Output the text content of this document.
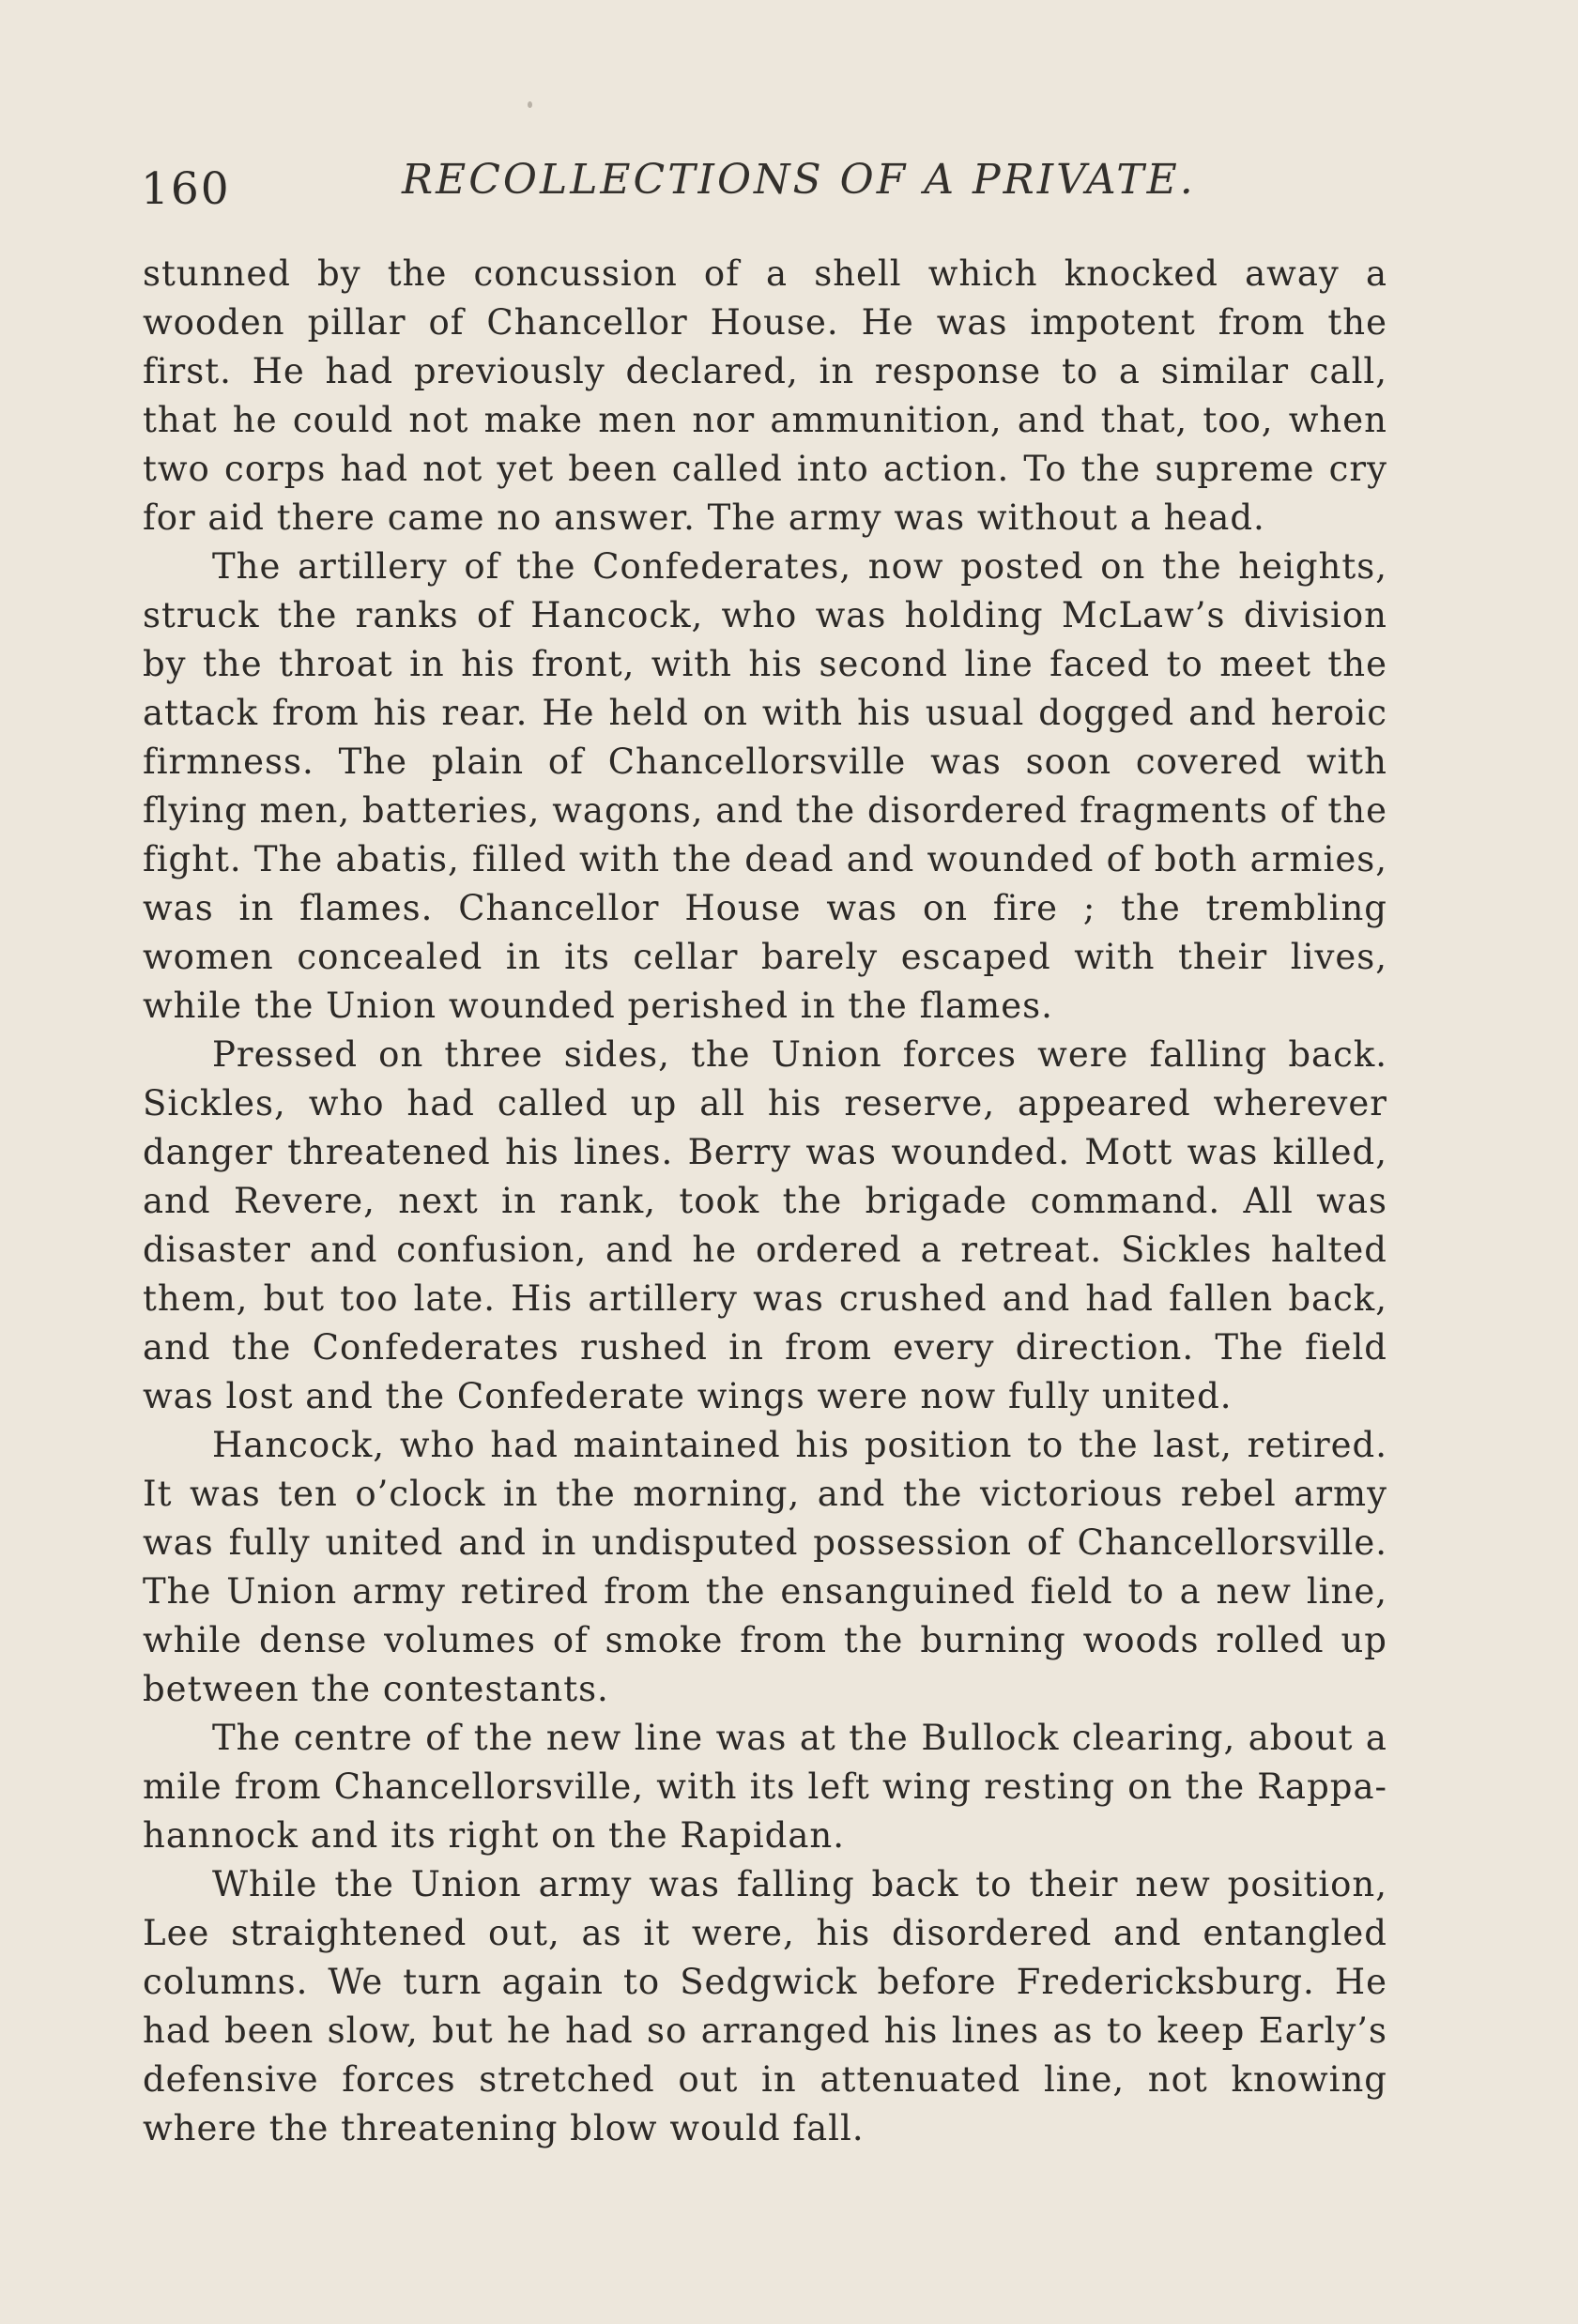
160	RECOLLECTIONS OF A PRIVATE.

stunned by the concussion of a shell which knocked away a wooden pillar of Chancellor House. He was impotent from the first. He had previously declared, in response to a similar call, that he could not make men nor ammunition, and that, too, when two corps had not yet been called into action. To the supreme cry for aid there came no answer. The army was without a head.

The artillery of the Confederates, now posted on the heights, struck the ranks of Hancock, who was holding McLaw’s division by the throat in his front, with his second line faced to meet the attack from his rear. He held on with his usual dogged and heroic firmness. The plain of Chancellorsville was soon covered with flying men, batteries, wagons, and the disordered fragments of the fight. The abatis, filled with the dead and wounded of both armies, was in flames. Chancellor House was on fire ; the trembling women concealed in its cellar barely escaped with their lives, while the Union wounded perished in the flames.

Pressed on three sides, the Union forces were falling back. Sickles, who had called up all his reserve, appeared wherever danger threatened his lines. Berry was wounded. Mott was killed, and Revere, next in rank, took the brigade command. All was disaster and confusion, and he ordered a retreat. Sickles halted them, but too late. His artillery was crushed and had fallen back, and the Confederates rushed in from every direction. The field was lost and the Confederate wings were now fully united.

Hancock, who had maintained his position to the last, retired. It was ten o’clock in the morning, and the victorious rebel army was fully united and in undisputed possession of Chancellorsville. The Union army retired from the ensanguined field to a new line, while dense volumes of smoke from the burning woods rolled up between the contestants.

The centre of the new line was at the Bullock clearing, about a mile from Chancellorsville, with its left wing resting on the Rappa-hannock and its right on the Rapidan.

While the Union army was falling back to their new position, Lee straightened out, as it were, his disordered and entangled columns. We turn again to Sedgwick before Fredericksburg. He had been slow, but he had so arranged his lines as to keep Early’s defensive forces stretched out in attenuated line, not knowing where the threatening blow would fall.
